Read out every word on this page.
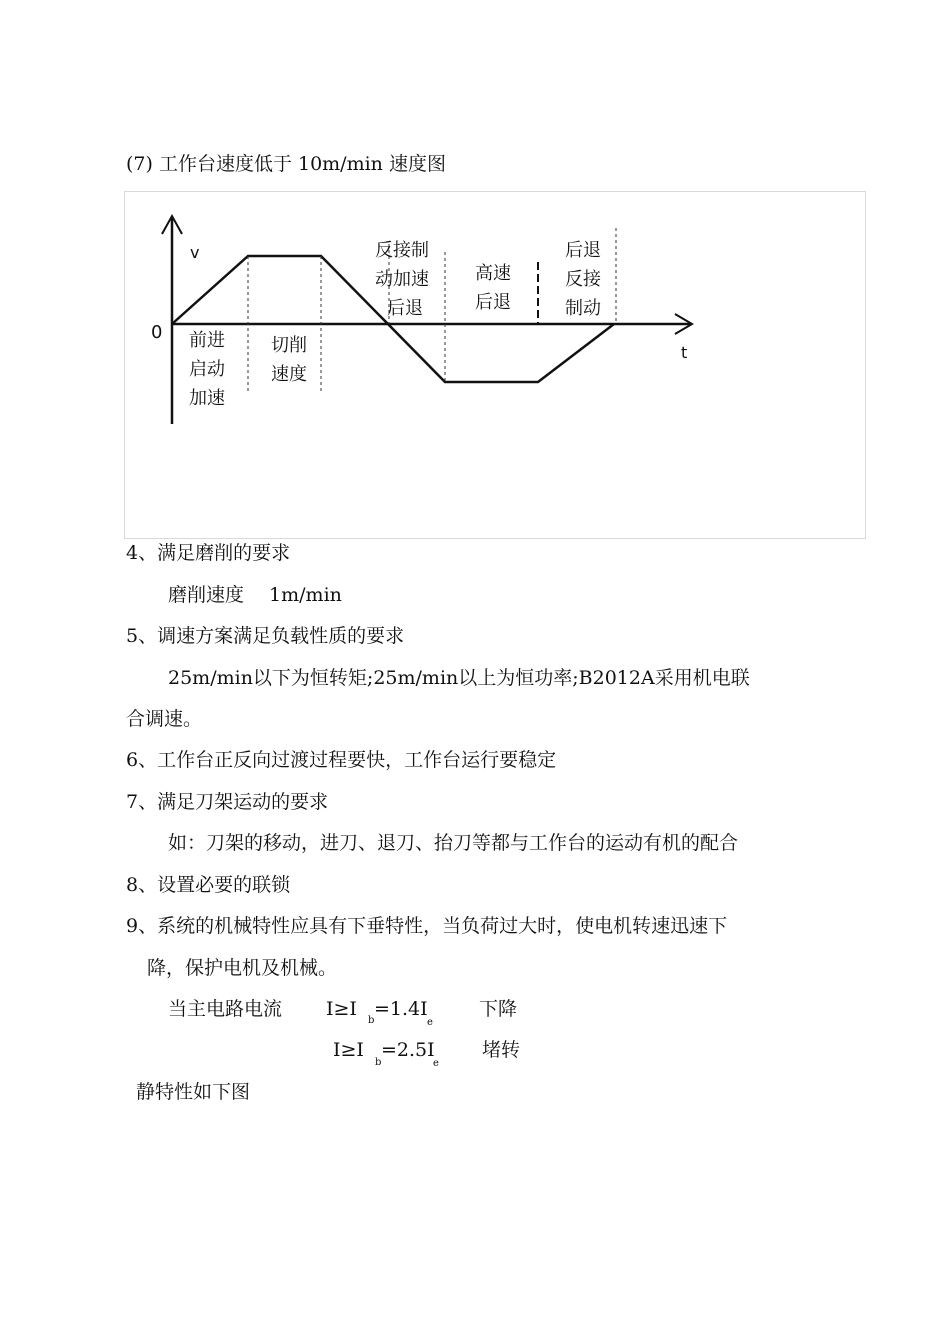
(7) 工作台速度低于 10m/min 速度图
v
t
0 前进
启动
加速
切削
速度
反接制
动加速
后退
高速
后退
后退
反接
制动
4、满足磨削的要求
磨削速度　 1m/min
5、调速方案满足负载性质的要求
25m/min以下为恒转矩;25m/min以上为恒功率;B2012A采用机电联
合调速。
6、工作台正反向过渡过程要快，工作台运行要稳定
7、满足刀架运动的要求
如：刀架的移动，进刀、退刀、抬刀等都与工作台的运动有机的配合
8、设置必要的联锁
9、系统的机械特性应具有下垂特性，当负荷过大时，使电机转速迅速下
降，保护电机及机械。
当主电路电流 I≥I
b
=1.4I
e
下降
I≥I
b
=2.5I
e
堵转
静特性如下图
